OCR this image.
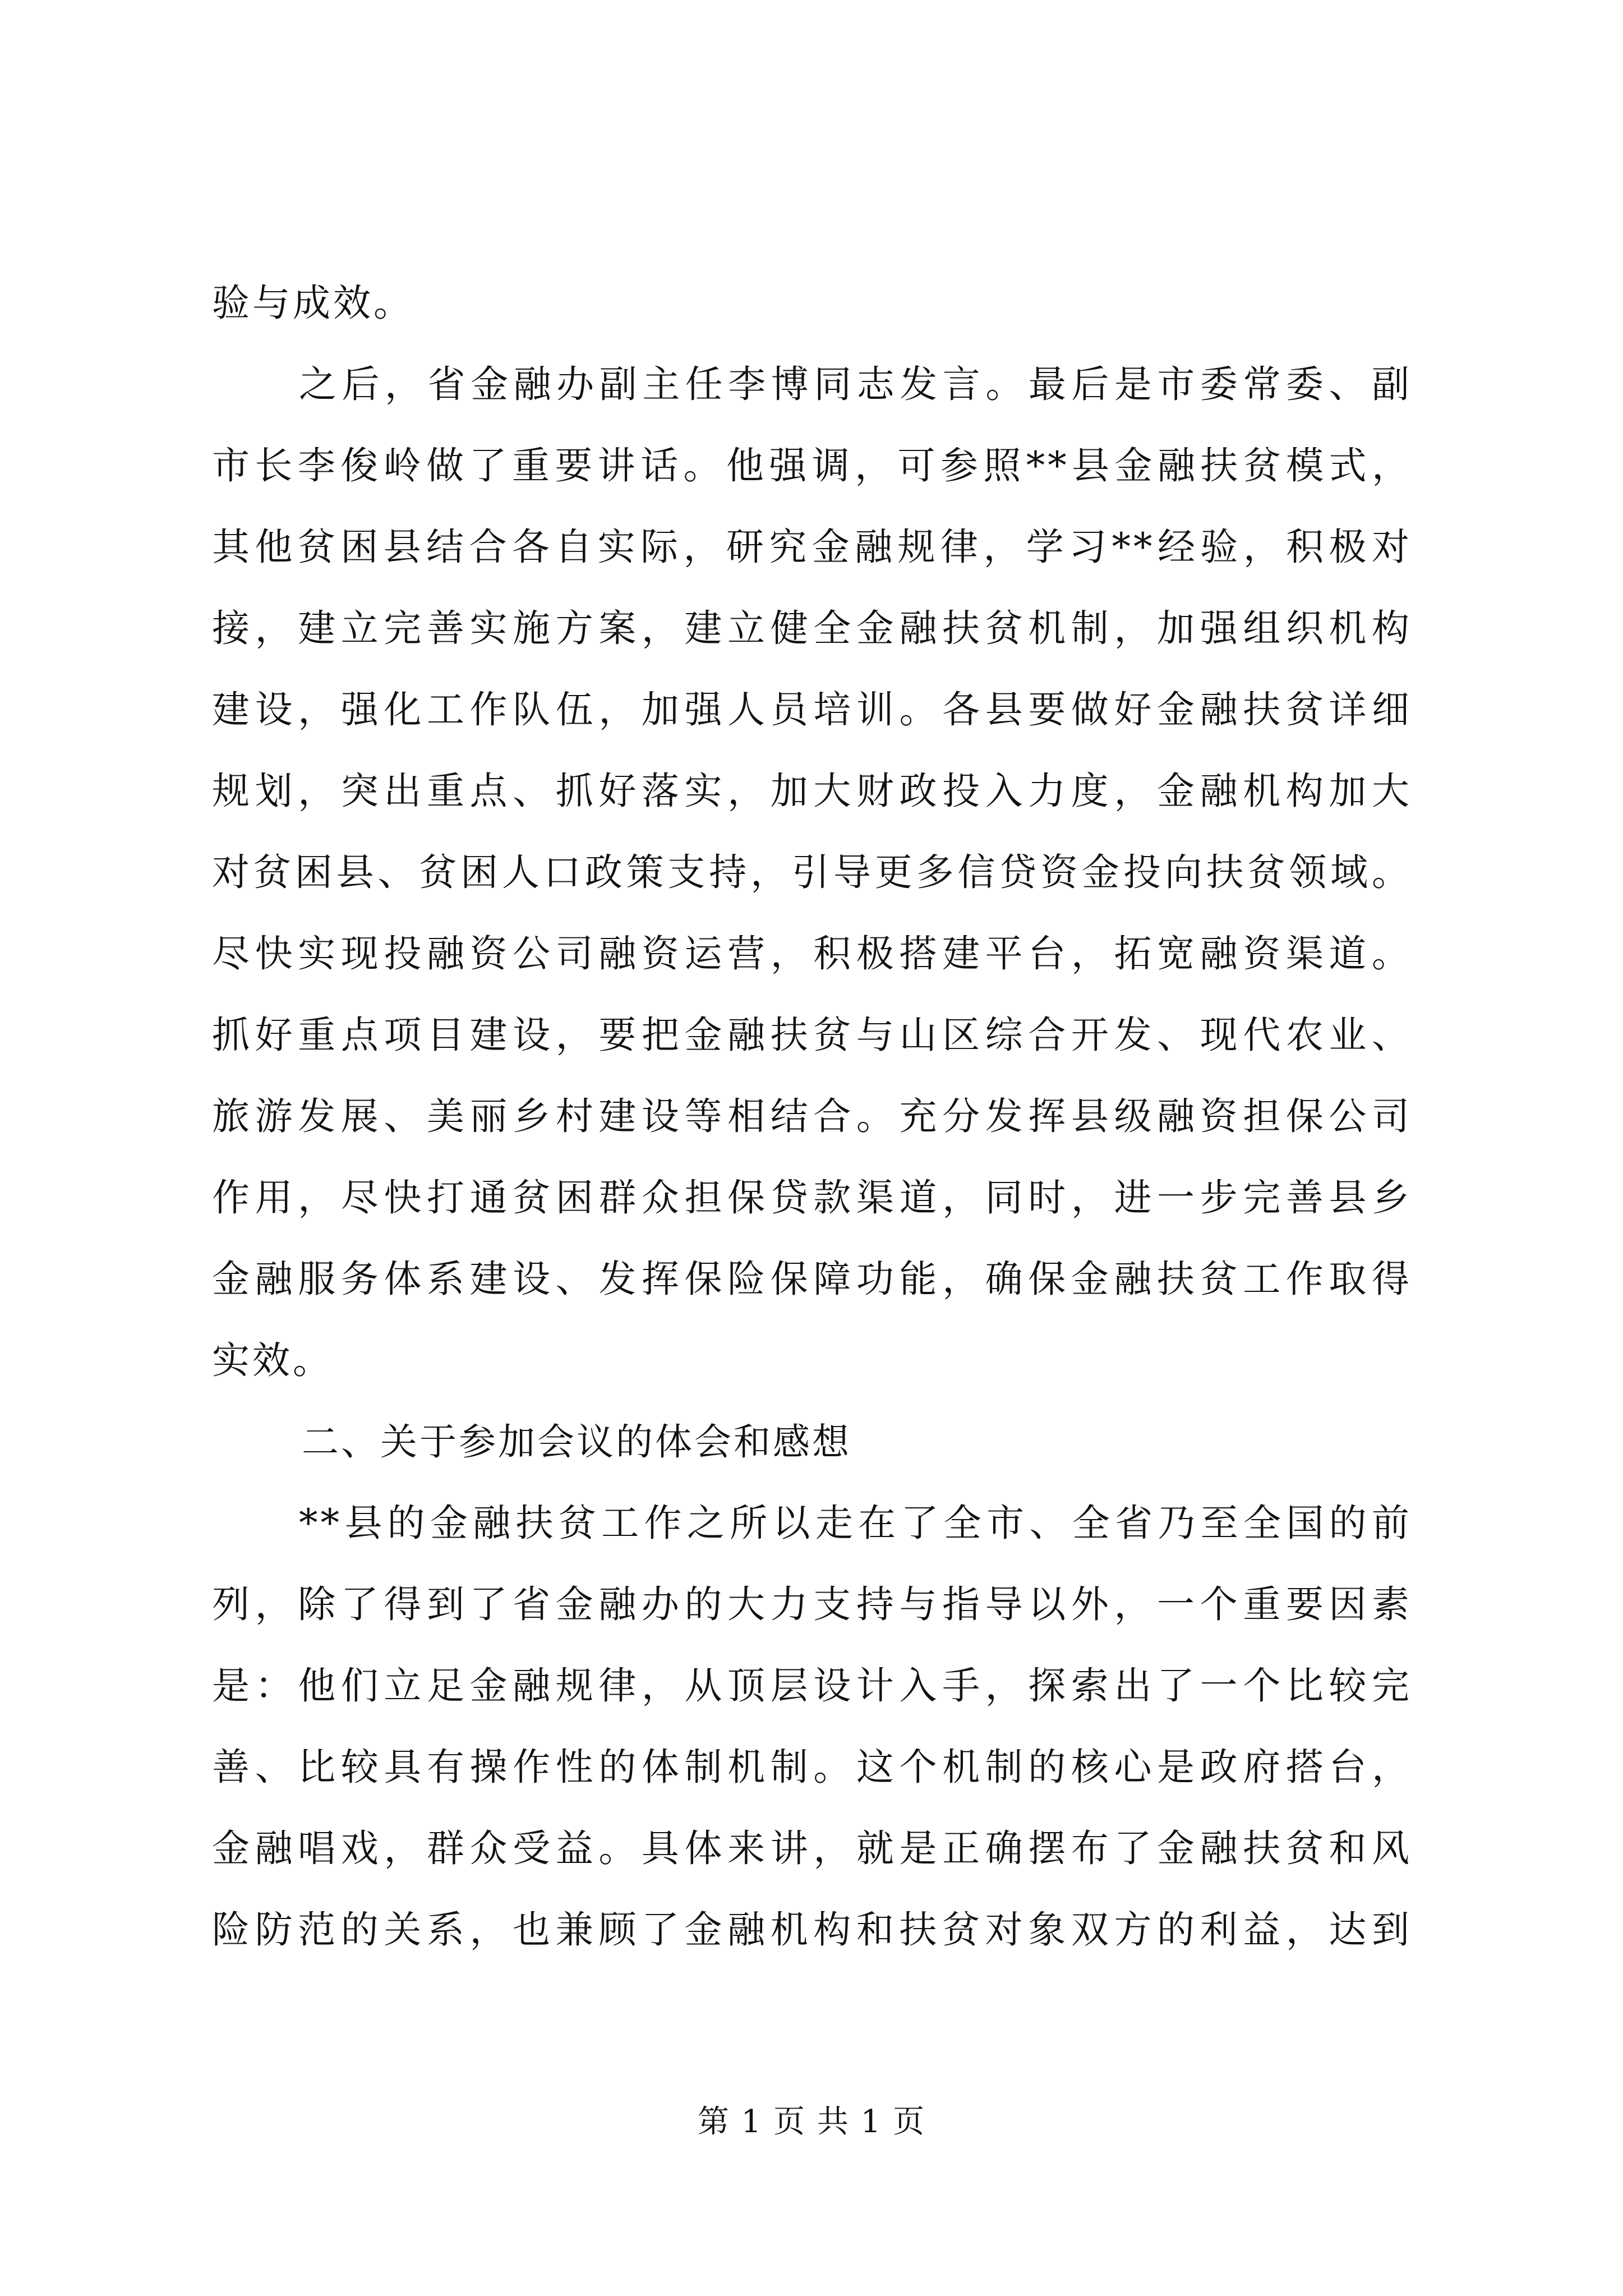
验与成效。
之后，省金融办副主任李博同志发言。最后是市委常委、副
市长李俊岭做了重要讲话。他强调，可参照**县金融扶贫模式，
其他贫困县结合各自实际，研究金融规律，学习**经验，积极对
接，建立完善实施方案，建立健全金融扶贫机制，加强组织机构
建设，强化工作队伍，加强人员培训。各县要做好金融扶贫详细
规划，突出重点、抓好落实，加大财政投入力度，金融机构加大
对贫困县、贫困人口政策支持，引导更多信贷资金投向扶贫领域。
尽快实现投融资公司融资运营，积极搭建平台，拓宽融资渠道。
抓好重点项目建设，要把金融扶贫与山区综合开发、现代农业、
旅游发展、美丽乡村建设等相结合。充分发挥县级融资担保公司
作用，尽快打通贫困群众担保贷款渠道，同时，进一步完善县乡
金融服务体系建设、发挥保险保障功能，确保金融扶贫工作取得
实效。
二、关于参加会议的体会和感想
**县的金融扶贫工作之所以走在了全市、全省乃至全国的前
列，除了得到了省金融办的大力支持与指导以外，一个重要因素
是：他们立足金融规律，从顶层设计入手，探索出了一个比较完
善、比较具有操作性的体制机制。这个机制的核心是政府搭台，
金融唱戏，群众受益。具体来讲，就是正确摆布了金融扶贫和风
险防范的关系，也兼顾了金融机构和扶贫对象双方的利益，达到
第 1 页 共 1 页
